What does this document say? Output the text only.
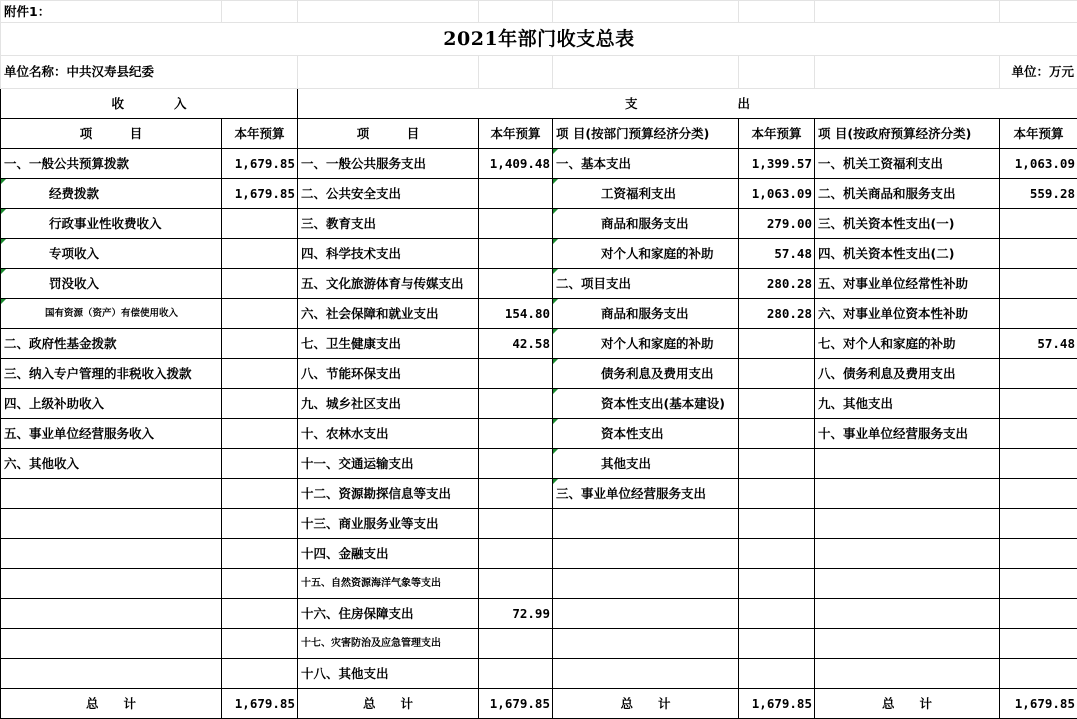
附件1：							
2021年部门收支总表							
单位名称：中共汉寿县纪委							单位：万元
收　　　　入		支　　　　　　　　出					
项　　　目	本年预算	项　　　目	本年预算	项 目(按部门预算经济分类)	本年预算	项 目(按政府预算经济分类)	本年预算
一、一般公共预算拨款	1,679.85	一、一般公共服务支出	1,409.48	一、基本支出	1,399.57	一、机关工资福利支出	1,063.09
经费拨款	1,679.85	二、公共安全支出		工资福利支出	1,063.09	二、机关商品和服务支出	559.28
行政事业性收费收入		三、教育支出		商品和服务支出	279.00	三、机关资本性支出(一)	
专项收入		四、科学技术支出		对个人和家庭的补助	57.48	四、机关资本性支出(二)	
罚没收入		五、文化旅游体育与传媒支出		二、项目支出	280.28	五、对事业单位经常性补助	
国有资源（资产）有偿使用收入		六、社会保障和就业支出	154.80	商品和服务支出	280.28	六、对事业单位资本性补助	
二、政府性基金拨款		七、卫生健康支出	42.58	对个人和家庭的补助		七、对个人和家庭的补助	57.48
三、纳入专户管理的非税收入拨款		八、节能环保支出		债务利息及费用支出		八、债务利息及费用支出	
四、上级补助收入		九、城乡社区支出		资本性支出(基本建设)		九、其他支出	
五、事业单位经营服务收入		十、农林水支出		资本性支出		十、事业单位经营服务支出	
六、其他收入		十一、交通运输支出		其他支出			
		十二、资源勘探信息等支出		三、事业单位经营服务支出			
		十三、商业服务业等支出					
		十四、金融支出					
		十五、自然资源海洋气象等支出					
		十六、住房保障支出	72.99				
		十七、灾害防治及应急管理支出					
		十八、其他支出					
总　　计	1,679.85	总　　计	1,679.85	总　　计	1,679.85	总　　计	1,679.85
